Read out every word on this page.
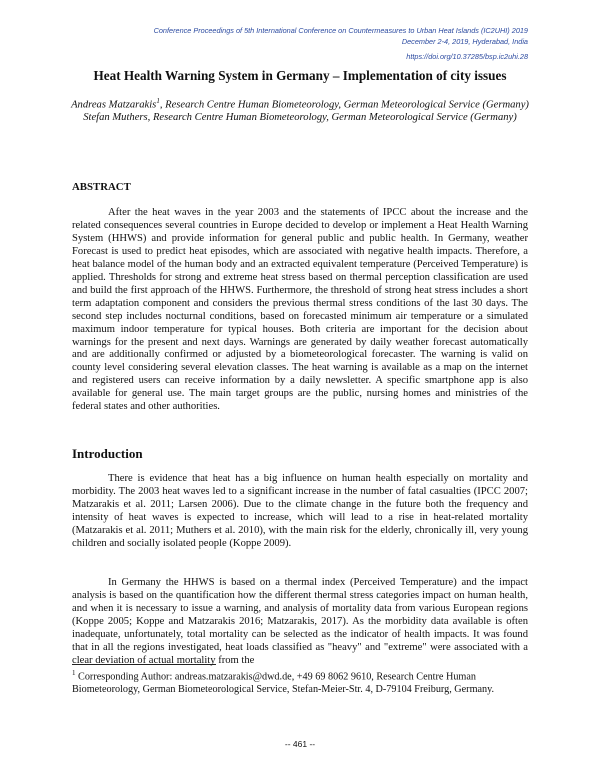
Conference Proceedings of 5th International Conference on Countermeasures to Urban Heat Islands (IC2UHI) 2019
December 2-4, 2019, Hyderabad, India
https://doi.org/10.37285/bsp.ic2uhi.28
Heat Health Warning System in Germany – Implementation of city issues

Andreas Matzarakis$^1$, Research Centre Human Biometeorology, German Meteorological Service (Germany)

Stefan Muthers, Research Centre Human Biometeorology, German Meteorological Service (Germany)

ABSTRACT

After the heat waves in the year 2003 and the statements of IPCC about the increase and the related consequences several countries in Europe decided to develop or implement a Heat Health Warning System (HHWS) and provide information for general public and public health. In Germany, weather Forecast is used to predict heat episodes, which are associated with negative health impacts. Therefore, a heat balance model of the human body and an extracted equivalent temperature (Perceived Temperature) is applied. Thresholds for strong and extreme heat stress based on thermal perception classification are used and build the first approach of the HHWS. Furthermore, the threshold of strong heat stress includes a short term adaptation component and considers the previous thermal stress conditions of the last 30 days. The second step includes nocturnal conditions, based on forecasted minimum air temperature or a simulated maximum indoor temperature for typical houses. Both criteria are important for the decision about warnings for the present and next days. Warnings are generated by daily weather forecast automatically and are additionally confirmed or adjusted by a biometeorological forecaster. The warning is valid on county level considering several elevation classes. The heat warning is available as a map on the internet and registered users can receive information by a daily newsletter. A specific smartphone app is also available for general use. The main target groups are the public, nursing homes and ministries of the federal states and other authorities.

Introduction

There is evidence that heat has a big influence on human health especially on mortality and morbidity. The 2003 heat waves led to a significant increase in the number of fatal casualties (IPCC 2007; Matzarakis et al. 2011; Larsen 2006). Due to the climate change in the future both the frequency and intensity of heat waves is expected to increase, which will lead to a rise in heat-related mortality (Matzarakis et al. 2011; Muthers et al. 2010), with the main risk for the elderly, chronically ill, very young children and socially isolated people (Koppe 2009).

In Germany the HHWS is based on a thermal index (Perceived Temperature) and the impact analysis is based on the quantification how the different thermal stress categories impact on human health, and when it is necessary to issue a warning, and analysis of mortality data from various European regions (Koppe 2005; Koppe and Matzarakis 2016; Matzarakis, 2017). As the morbidity data available is often inadequate, unfortunately, total mortality can be selected as the indicator of health impacts. It was found that in all the regions investigated, heat loads classified as "heavy" and "extreme" were associated with a clear deviation of actual mortality from the

$^1$ Corresponding Author: andreas.matzarakis@dwd.de, +49 69 8062 9610, Research Centre Human Biometeorology, German Biometeorological Service, Stefan-Meier-Str. 4, D-79104 Freiburg, Germany.

-- 461 --
